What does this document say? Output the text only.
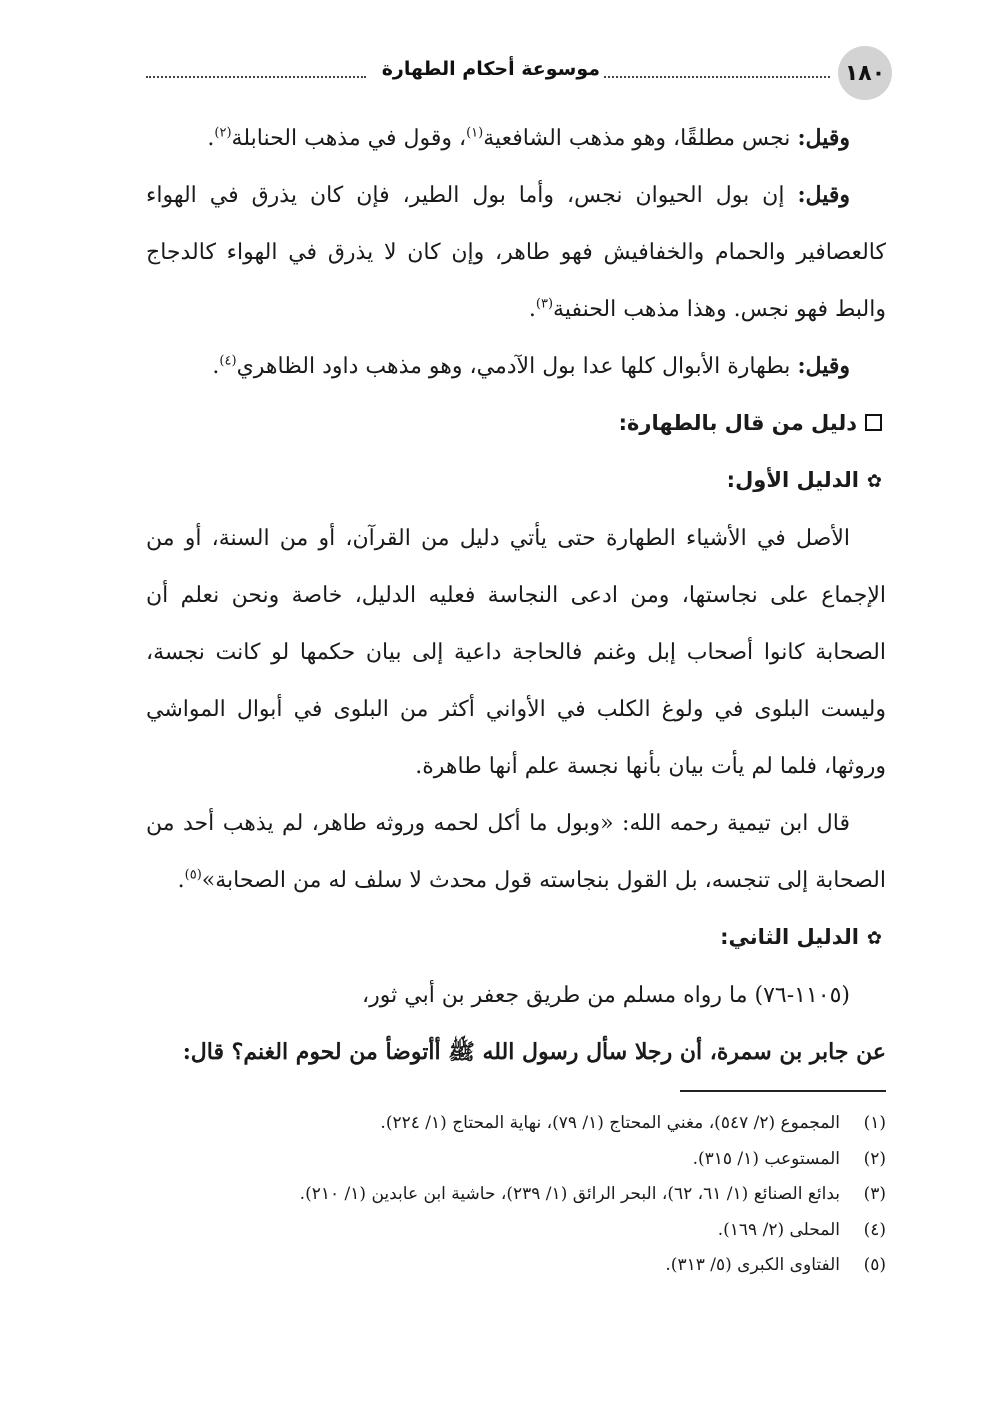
١٨٠
موسوعة أحكام الطهارة

وقيل: نجس مطلقًا، وهو مذهب الشافعية$^{(١)}$، وقول في مذهب الحنابلة$^{(٢)}$.

وقيل: إن بول الحيوان نجس، وأما بول الطير، فإن كان يذرق في الهواء كالعصافير والحمام والخفافيش فهو طاهر، وإن كان لا يذرق في الهواء كالدجاج والبط فهو نجس. وهذا مذهب الحنفية$^{(٣)}$.

وقيل: بطهارة الأبوال كلها عدا بول الآدمي، وهو مذهب داود الظاهري$^{(٤)}$.

دليل من قال بالطهارة:

✿الدليل الأول:

الأصل في الأشياء الطهارة حتى يأتي دليل من القرآن، أو من السنة، أو من الإجماع على نجاستها، ومن ادعى النجاسة فعليه الدليل، خاصة ونحن نعلم أن الصحابة كانوا أصحاب إبل وغنم فالحاجة داعية إلى بيان حكمها لو كانت نجسة، وليست البلوى في ولوغ الكلب في الأواني أكثر من البلوى في أبوال المواشي وروثها، فلما لم يأت بيان بأنها نجسة علم أنها طاهرة.

قال ابن تيمية رحمه الله: «وبول ما أكل لحمه وروثه طاهر، لم يذهب أحد من الصحابة إلى تنجسه، بل القول بنجاسته قول محدث لا سلف له من الصحابة»$^{(٥)}$.

✿الدليل الثاني:

(١١٠٥-٧٦) ما رواه مسلم من طريق جعفر بن أبي ثور،

عن جابر بن سمرة، أن رجلا سأل رسول الله ﷺ أأتوضأ من لحوم الغنم؟ قال:

(١)المجموع (٢/ ٥٤٧)، مغني المحتاج (١/ ٧٩)، نهاية المحتاج (١/ ٢٢٤).
(٢)المستوعب (١/ ٣١٥).
(٣)بدائع الصنائع (١/ ٦١، ٦٢)، البحر الرائق (١/ ٢٣٩)، حاشية ابن عابدين (١/ ٢١٠).
(٤)المحلى (٢/ ١٦٩).
(٥)الفتاوى الكبرى (٥/ ٣١٣).
